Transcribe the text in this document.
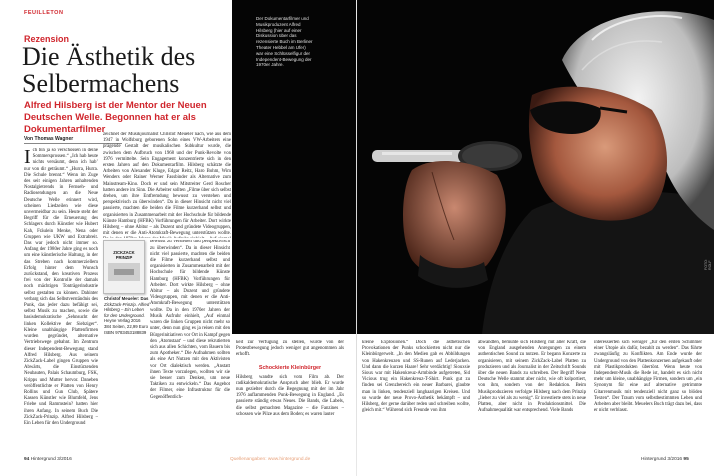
Der Dokumentarfilmer und Musikproduzent Alfred Hilsberg (hier auf einer Diskussion über das rezensierte Buch im Berliner Theater Hebbel am Ufer) war eine Schlüsselfigur der Independent-Bewegung der 1970er Jahre.
FOTO: ROLF
FEUILLETON
Rezension
Die Ästhetik des Selbermachens
Alfred Hilsberg ist der Mentor der Neuen Deutschen Welle. Begonnen hat er als Dokumentarfilmer
Von Thomas Wagner

Ich bin ja so verschossen in deine Sommersprossen.“ „Ich hab heute nichts versäumt, denn ich hab’ nur von dir geträumt.“ „Hurra, Hurra. Die Schule brennt.“ Wenn im Zuge des seit einigen Jahren anhaltenden Nostalgietrends in Fernseh- und Radiosendungen an die Neue Deutsche Welle erinnert wird, scheinen Liedzeilen wie diese unvermeidbar zu sein. Heute steht der Begriff für die Erneuerung des Schlagers durch Künstler wie Hubert Kah, Fräulein Menke, Nena oder Gruppen wie UKW und Extrabreit. Das war jedoch nicht immer so. Anfang der 1980er Jahre ging es noch um eine künstlerische Haltung, in der das Streben nach kommerziellem Erfolg hinter dem Wunsch zurückstand, den kreativen Prozess frei von der Kontrolle der damals noch mächtigen Tonträgerindustrie selbst gestalten zu können. Dahinter verbarg sich das Selbstverständnis des Punk, das jeder dazu befähigt sei, selbst Musik zu machen, sowie die basisdemokratische „Sehnsucht der linken Kollektive der Siebziger“. Kleine unabhängige Plattenfirmen wurden gegründet, alternative Vertriebswege gebahnt. Im Zentrum dieser Independent-Bewegung stand Alfred Hilsberg. Aus seinem ZickZack-Label gingen Gruppen wie Abwärts, die Einstürzenden Neubauten, Palais Schaumburg, FSK, Kripps und Mutter hervor. Daneben veröffentlichte er Platten von Henry Rollins und Gun Club, Spätere Kassen Künstler wie Blumfeld, Jens Friebe und Rammstein? hatten hier ihren Anfang. In seinem Buch Die ZickZack-Prinzip. Alfred Hilsberg – Ein Leben für den Underground

ZICKZACK PRINZIP
Christof Meueler: Das
ZickZack-Prinzip. Alfred Hilsberg – Ein Leben für den Underground.
Heyne Verlag 2016
384 Seiten, 22,99 Euro
ISBN 9783453188839

zeichnet der Musikjournalist Christof Meueler nach, wie aus dem 1947 in Wolfsburg geborenen Sohn eines VW-Arbeiters eine prägende Gestalt der musikalischen Subkultur wurde, die zwischen dem Aufbruch von 1968 und der Punk-Revolte von 1976 vermittelte. Sein Engagement konzentrierte sich in den ersten Jahren auf den Dokumentarfilm. Hilsberg schätzte die Arbeiten von Alexander Kluge, Edgar Reitz, Haro Bohm, Wim Wenders oder Rainer Werner Fassbinder als Alternative zum Mainstream-Kino. Doch er und sein Mitstreiter Gerd Roscher hatten andere im Sinn. Die Arbeiter sollten „Filme über sich selbst drehen, um ihre Entfremdung bewusst zu verstehen und perspektivisch zu überwinden“. Da in dieser Hinsicht nicht viel passierte, machten die beiden die Filme kurzerhand selbst und organisierten in Zusammenarbeit mit der Hochschule für bildende Künste Hamburg (HFBK) Vorführungen für Arbeiter. Dort wirkte Hilsberg – ohne Abitur – als Dozent und gründete Videogruppen, mit denen er die Anti-Atomkraft-Bewegung unterstützen wollte.

bewusst zu verstehen und perspektivisch zu überwinden“. Da in dieser Hinsicht nicht viel passierte, machten die beiden die Filme kurzerhand selbst und organisierten in Zusammenarbeit mit der Hochschule für bildende Künste Hamburg (HFBK) Vorführungen für Arbeiter. Dort wirkte Hilsberg – ohne Abitur – als Dozent und gründete Videogruppen, mit denen er die Anti-Atomkraft-Bewegung unterstützen wollte. Da in den 1970er Jahren der Musik Aufruhr einhielt, „Auf einmal waren die linken Gruppen nicht mehr so unter, denn nun ging es ja reisen mit den Bürgerinitiativen vor Ort in Kampf gegen den ‚Atomstaat‘ – und diese rekrutierten sich aus allen Schichten, vom Bauern bis zum Apotheker.“ Die Aufnahmen sollten als eine Art Nutzen mit den Aktivisten vor Ort dialektisch werden. „Anstatt ihnen Texte vorzulegen, wollten wir sie sie besser zum Denken, um neue Taktiken zu entwickeln.“ Das Angebot der Filmer, eine Infrastruktur für die Gegenöffentlich-

keit zur Verfügung zu stellen, wurde von der Protestbewegung jedoch weniger gut angenommen als erhofft.

Schockierte Kleinbürger

Hilsberg wandte sich vom Film ab. Der radikaldemokratische Anspruch aber blieb. Er wurde nun gezielter durch die Begegnung mit der im Jahr 1976 auflammenden Punk-Bewegung in England. „Es passierte ständig etwas Neues. Die Bands, die Labels, die selbst gemachten Magazine – die Fanzines – schossen wie Pilze aus dem Boden; es waren lauter

kleine Explosionen.“ Doch die ästhetischen Provokationen der Punks schockierten nicht nur die Kleinbürgerwelt. „In den Medien gab es Abbildungen von Hakenkreuzen und SS-Runen auf Lederjacken. Und dann die kurzen Haare! Sehr verdächtig! Siouxsie Sioux war mit Hakenkreuz-Armbinde aufgetreten, Sid Vicious trug ein Hakenkreuz-T-Shirt. Punk gut zu finden sei Grenzbereich ein neuer Barbarei, glaubte man in linken, tendenziell langhaarigen Kreisen. Und so wurde der neue Provo-Ästhetik bekämpft – und Hilsberg, der gerne darüber reden und schreiben wollte, gleich mit.“ Während sich Freunde von ihm

abwandten, bemühte sich Hilsberg mit aller Kraft, die von England ausgehenden Anregungen zu einem authentischen Sound zu nutzen. Er begann Konzerte zu organisieren, mit seinem ZickZack-Label Platten zu produzieren und als Journalist in der Zeitschrift Sounds über die neuen Bands zu schreiben. Der Begriff Neue Deutsche Welle stammt aber nicht, wie oft kolportiert, von ihm, sondern von der Redaktion. Beim Musikproduzieren verfolgte Hilsberg nach dem Prinzip „lieber zu viel als zu wenig“. Er investierte stets in neue Platten, aber nicht in Produktionsmittel. Die Aufnahmequalität war entsprechend. Viele Bands

interessierten sich weniger „für den ersten Schimmer einer Utopie als dafür, bezahlt zu werden“. Das führte zwangsläufig zu Konflikten. Am Ende wurde der Underground von den Plattenkonzernen aufgekauft oder mit Plastikprodukten übertönt. Wenn heute von Independent-Musik die Rede ist, handelt es sich nicht mehr um kleine, unabhängige Firmen, sondern um „ein Synonym für eine auf alternative getrimmte Gitarrenmusik mit tendenziell nicht ganz so blöden Texten“. Der Traum vom selbstbestimmten Leben und Arbeiten aber bleibt. Meuelers Buch trägt dazu bei, dass er nicht verblasst.

94 Hintergrund 3/2016	Quellenangaben: www.hintergrund.de	Hintergrund 3/2016 95
